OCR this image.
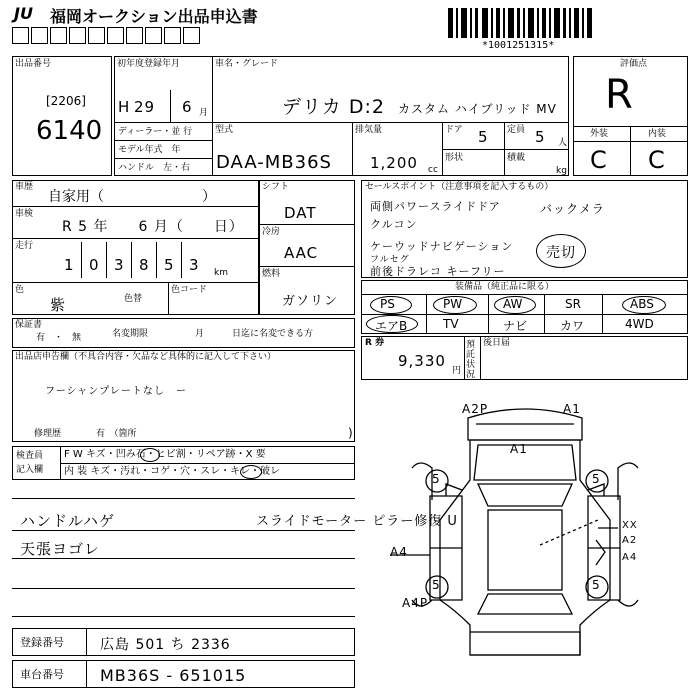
JU 福岡オークション出品申込書
*1001251315*
出品番号
[2206]
6140
初年度登録年月
H 29 6 月
ディーラー・並 行
モデル年式　年
ハンドル　左・右
車名・グレード
デリカ D:2 カスタム ハイブリッド MV
型式
DAA-MB36S
排気量
1,200 cc
ドア 5 定員 5 人
形状	積載
kg
評価点
R
外装	内装
C C
車歴
自家用（　　　　　　　）
車検
R 5 年　　6 月（　　日）
走行
1 0 3 8 5 3 km
色
紫	色替
色コード
シフト
DAT
冷房
AAC
燃料
ガソリン
セールスポイント（注意事項を記入するもの）
両側パワースライドドア	バックメラ
クルコン
ケーウッドナビゲーション
フルセグ
前後ドラレコ キーフリー
売切
装備品（純正品に限る）
PS	PW	AW	SR	ABS
エアB	TV	ナビ	カワ	4WD
R 券
9,330
円
預託状況
後日届
保証書
有　・　無	名変期限	月	日迄に名変できる方
出品店申告欄（不具合内容・欠品など具体的に記入して下さい）
フーシャンプレートなし　ー
修理歴	有　（箇所	)
検査員
記入欄
F W キズ・凹み石・ヒビ割・リペア跡・X 要
内 装 キズ・汚れ・コゲ・穴・スレ・キレ・破レ
ハンドルハゲ
天張ヨゴレ
スライドモーター ピラー修復 U
A2P	A1
A1
5	5
5	5
A4
A4P
XX
A2
A4
登録番号	広島 501 ち 2336
車台番号 MB36S - 651015
